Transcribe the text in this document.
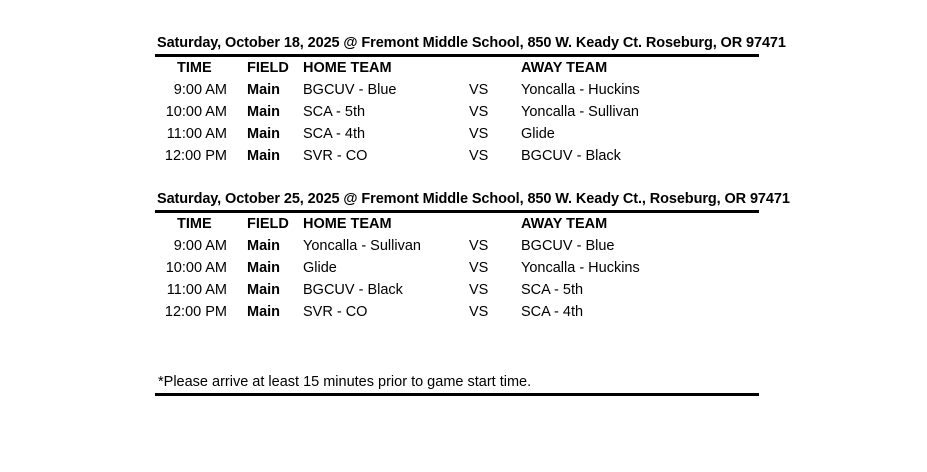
Saturday, October 18, 2025 @ Fremont Middle School, 850 W. Keady Ct. Roseburg, OR 97471
TIME FIELD HOME TEAM	AWAY TEAM
9:00 AM Main BGCUV - Blue	VS Yoncalla - Huckins
10:00 AM Main SCA - 5th	VS Yoncalla - Sullivan
11:00 AM Main SCA - 4th	VS Glide
12:00 PM Main SVR - CO	VS BGCUV - Black
Saturday, October 25, 2025 @ Fremont Middle School, 850 W. Keady Ct., Roseburg, OR 97471
TIME FIELD HOME TEAM	AWAY TEAM
9:00 AM Main Yoncalla - Sullivan	VS BGCUV - Blue
10:00 AM Main Glide	VS Yoncalla - Huckins
11:00 AM Main BGCUV - Black	VS SCA - 5th
12:00 PM Main SVR - CO	VS SCA - 4th
*Please arrive at least 15 minutes prior to game start time.
